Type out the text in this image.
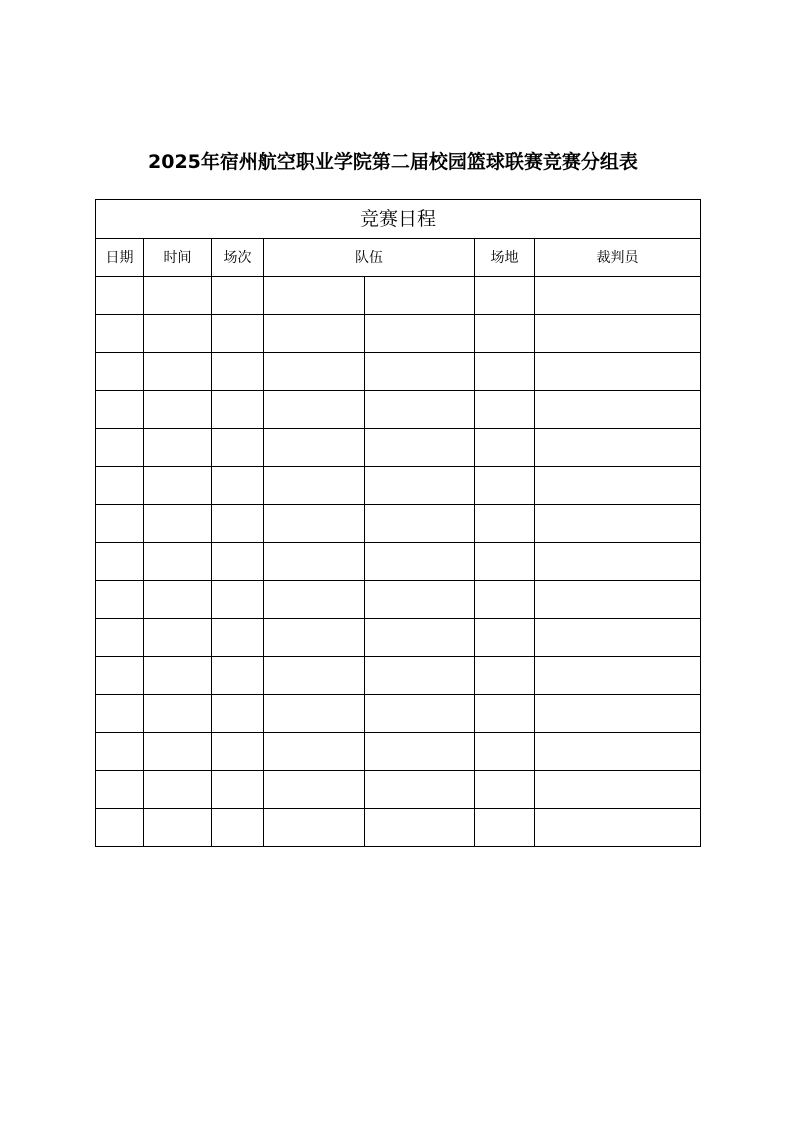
2025年宿州航空职业学院第二届校园篮球联赛竞赛分组表
竞赛日程						
日期	时间	场次	队伍		场地	裁判员
